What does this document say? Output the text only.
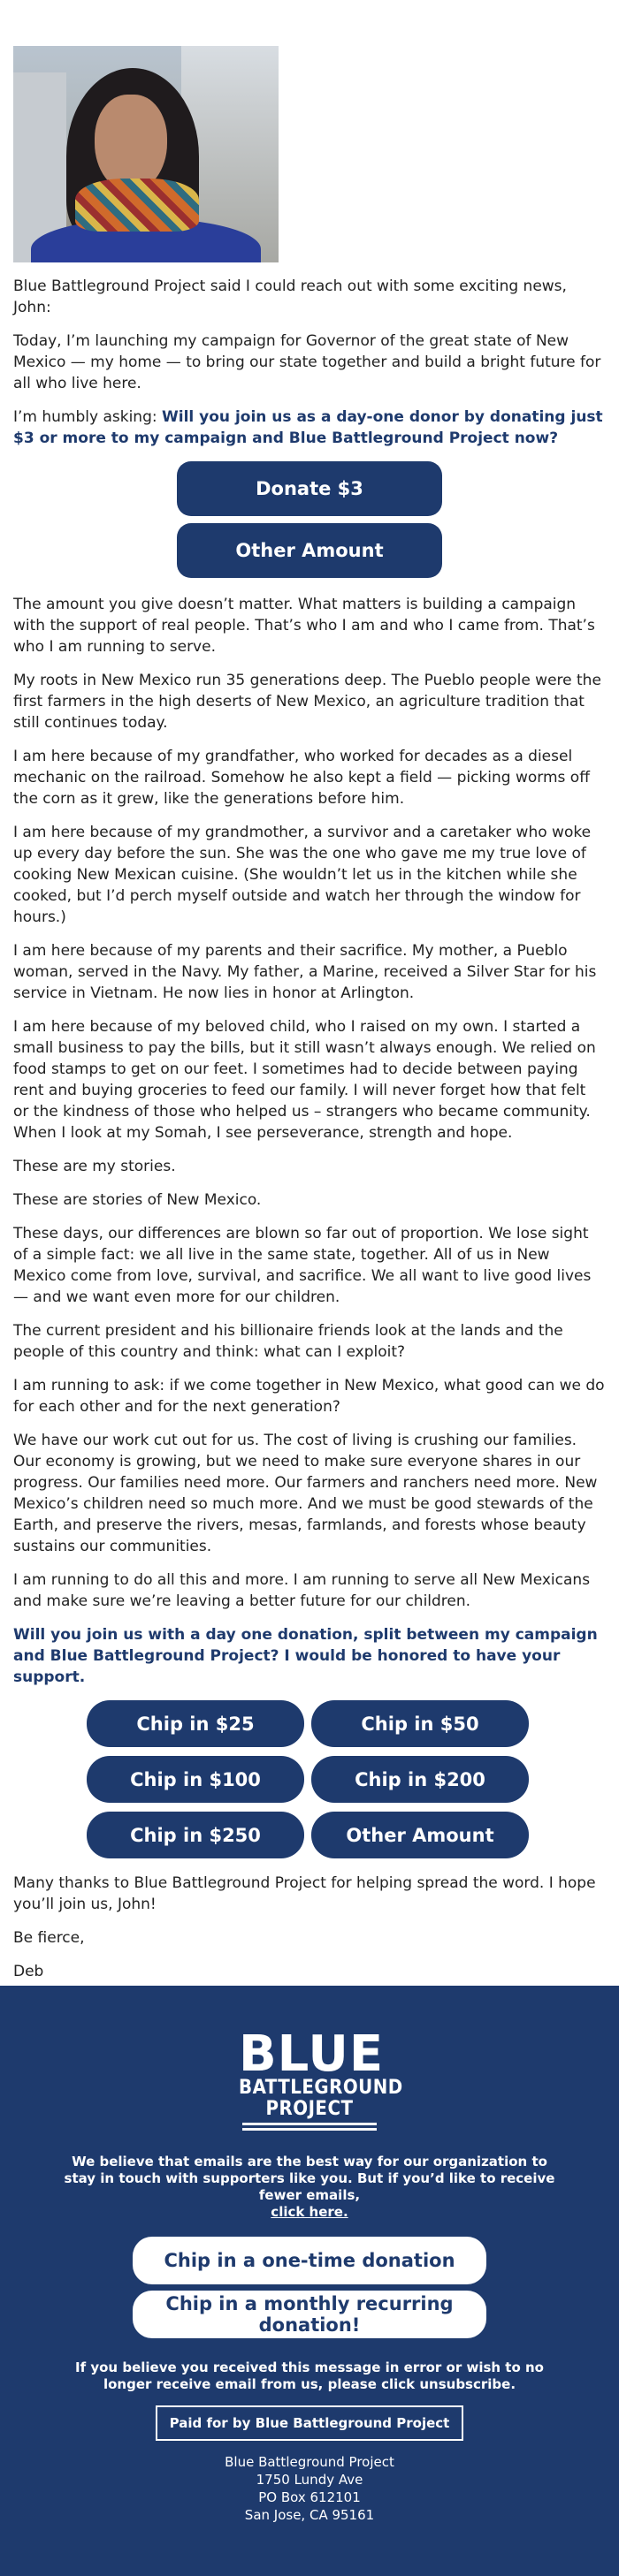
Blue Battleground Project said I could reach out with some exciting news, John:

Today, I’m launching my campaign for Governor of the great state of New Mexico — my home — to bring our state together and build a bright future for all who live here.

I’m humbly asking: Will you join us as a day-one donor by donating just $3 or more to my campaign and Blue Battleground Project now?

Donate $3
Other Amount

The amount you give doesn’t matter. What matters is building a campaign with the support of real people. That’s who I am and who I came from. That’s who I am running to serve.

My roots in New Mexico run 35 generations deep. The Pueblo people were the first farmers in the high deserts of New Mexico, an agriculture tradition that still continues today.

I am here because of my grandfather, who worked for decades as a diesel mechanic on the railroad. Somehow he also kept a field — picking worms off the corn as it grew, like the generations before him.

I am here because of my grandmother, a survivor and a caretaker who woke up every day before the sun. She was the one who gave me my true love of cooking New Mexican cuisine. (She wouldn’t let us in the kitchen while she cooked, but I’d perch myself outside and watch her through the window for hours.)

I am here because of my parents and their sacrifice. My mother, a Pueblo woman, served in the Navy. My father, a Marine, received a Silver Star for his service in Vietnam. He now lies in honor at Arlington.

I am here because of my beloved child, who I raised on my own. I started a small business to pay the bills, but it still wasn’t always enough. We relied on food stamps to get on our feet. I sometimes had to decide between paying rent and buying groceries to feed our family. I will never forget how that felt or the kindness of those who helped us – strangers who became community. When I look at my Somah, I see perseverance, strength and hope.

These are my stories.

These are stories of New Mexico.

These days, our differences are blown so far out of proportion. We lose sight of a simple fact: we all live in the same state, together. All of us in New Mexico come from love, survival, and sacrifice. We all want to live good lives — and we want even more for our children.

The current president and his billionaire friends look at the lands and the people of this country and think: what can I exploit?

I am running to ask: if we come together in New Mexico, what good can we do for each other and for the next generation?

We have our work cut out for us. The cost of living is crushing our families. Our economy is growing, but we need to make sure everyone shares in our progress. Our families need more. Our farmers and ranchers need more. New Mexico’s children need so much more. And we must be good stewards of the Earth, and preserve the rivers, mesas, farmlands, and forests whose beauty sustains our communities.

I am running to do all this and more. I am running to serve all New Mexicans and make sure we’re leaving a better future for our children.

Will you join us with a day one donation, split between my campaign and Blue Battleground Project? I would be honored to have your support.

Chip in $25	Chip in $50
Chip in $100	Chip in $200
Chip in $250	Other Amount

Many thanks to Blue Battleground Project for helping spread the word. I hope you’ll join us, John!

Be fierce,

Deb

BLUE
BATTLEGROUND
PROJECT
We believe that emails are the best way for our organization to stay in touch with supporters like you. But if you’d like to receive fewer emails,
click here.
Chip in a one-time donation
Chip in a monthly recurring donation!
If you believe you received this message in error or wish to no longer receive email from us, please click unsubscribe.
Paid for by Blue Battleground Project
Blue Battleground Project
1750 Lundy Ave
PO Box 612101
San Jose, CA 95161
